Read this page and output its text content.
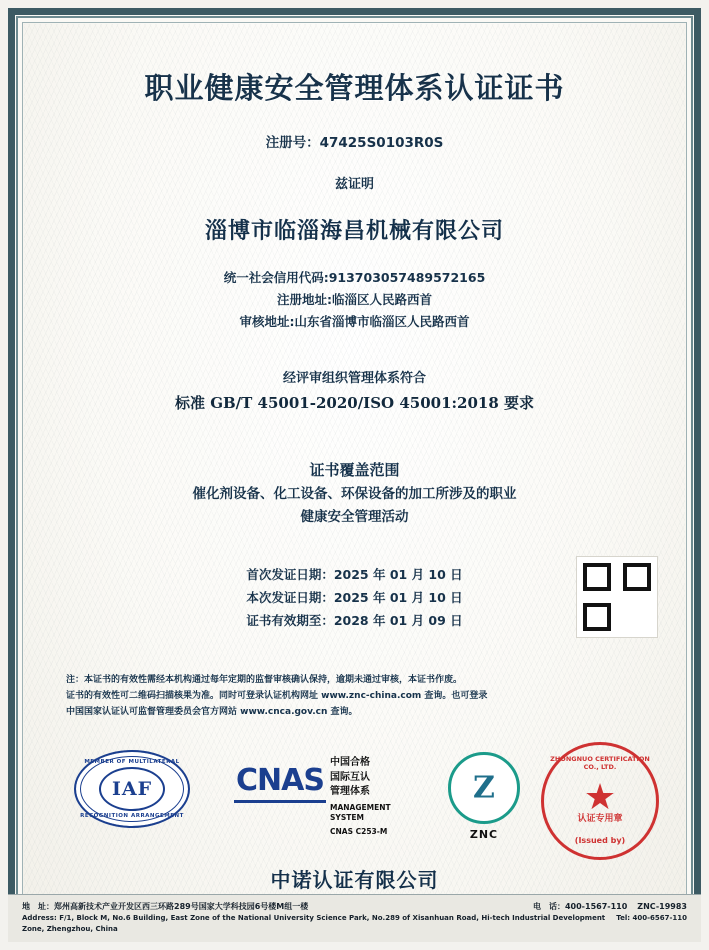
职业健康安全管理体系认证证书
注册号：47425S0103R0S
兹证明
淄博市临淄海昌机械有限公司
统一社会信用代码:913703057489572165
注册地址:临淄区人民路西首
审核地址:山东省淄博市临淄区人民路西首
经评审组织管理体系符合
标准 GB/T 45001-2020/ISO 45001:2018 要求
证书覆盖范围
催化剂设备、化工设备、环保设备的加工所涉及的职业
健康安全管理活动
首次发证日期：2025 年 01 月 10 日
本次发证日期：2025 年 01 月 10 日
证书有效期至：2028 年 01 月 09 日
注：本证书的有效性需经本机构通过每年定期的监督审核确认保持，逾期未通过审核，本证书作废。
证书的有效性可二维码扫描核果为准。同时可登录认证机构网址 www.znc-china.com 查询。也可登录
中国国家认证认可监督管理委员会官方网站 www.cnca.gov.cn 查询。
MEMBER OF MULTILATERAL
IAF
RECOGNITION ARRANGEMENT
CNAS
中国合格
国际互认
管理体系
MANAGEMENT SYSTEM
CNAS C253-M
Z
ZNC
ZHONGNUO CERTIFICATION CO., LTD.
★
认证专用章
(Issued by)
中诺认证有限公司
地　址：郑州高新技术产业开发区西三环路289号国家大学科技园6号楼M组一楼	电　话：400-1567-110	ZNC-19983
Address: F/1, Block M, No.6 Building, East Zone of the National University Science Park, No.289 of Xisanhuan Road, Hi-tech Industrial Development Zone, Zhengzhou, China
Tel: 400-6567-110
